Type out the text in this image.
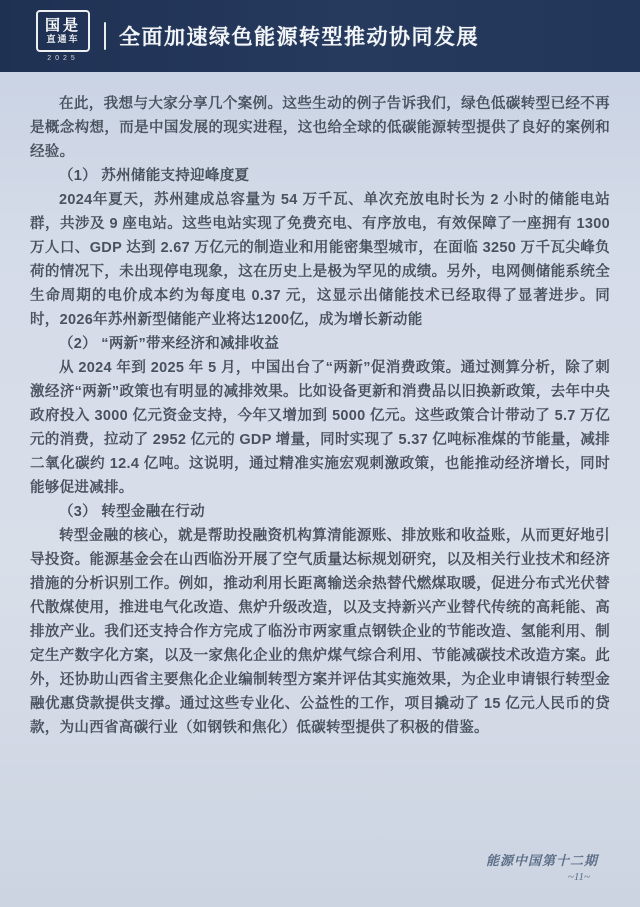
国是
直通车
2025
全面加速绿色能源转型推动协同发展

在此，我想与大家分享几个案例。这些生动的例子告诉我们，绿色低碳转型已经不再是概念构想，而是中国发展的现实进程，这也给全球的低碳能源转型提供了良好的案例和经验。

（1） 苏州储能支持迎峰度夏

2024年夏天，苏州建成总容量为 54 万千瓦、单次充放电时长为 2 小时的储能电站群，共涉及 9 座电站。这些电站实现了免费充电、有序放电，有效保障了一座拥有 1300 万人口、GDP 达到 2.67 万亿元的制造业和用能密集型城市，在面临 3250 万千瓦尖峰负荷的情况下，未出现停电现象，这在历史上是极为罕见的成绩。另外，电网侧储能系统全生命周期的电价成本约为每度电 0.37 元，这显示出储能技术已经取得了显著进步。同时，2026年苏州新型储能产业将达1200亿，成为增长新动能

（2） “两新”带来经济和减排收益

从 2024 年到 2025 年 5 月，中国出台了“两新”促消费政策。通过测算分析，除了刺激经济“两新”政策也有明显的减排效果。比如设备更新和消费品以旧换新政策，去年中央政府投入 3000 亿元资金支持，今年又增加到 5000 亿元。这些政策合计带动了 5.7 万亿元的消费，拉动了 2952 亿元的 GDP 增量，同时实现了 5.37 亿吨标准煤的节能量，减排二氧化碳约 12.4 亿吨。这说明，通过精准实施宏观刺激政策，也能推动经济增长，同时能够促进减排。

（3） 转型金融在行动

转型金融的核心，就是帮助投融资机构算清能源账、排放账和收益账，从而更好地引导投资。能源基金会在山西临汾开展了空气质量达标规划研究，以及相关行业技术和经济措施的分析识别工作。例如，推动利用长距离输送余热替代燃煤取暖，促进分布式光伏替代散煤使用，推进电气化改造、焦炉升级改造，以及支持新兴产业替代传统的高耗能、高排放产业。我们还支持合作方完成了临汾市两家重点钢铁企业的节能改造、氢能利用、制定生产数字化方案，以及一家焦化企业的焦炉煤气综合利用、节能减碳技术改造方案。此外，还协助山西省主要焦化企业编制转型方案并评估其实施效果，为企业申请银行转型金融优惠贷款提供支撑。通过这些专业化、公益性的工作，项目撬动了 15 亿元人民币的贷款，为山西省高碳行业（如钢铁和焦化）低碳转型提供了积极的借鉴。

能源中国第十二期
~11~
